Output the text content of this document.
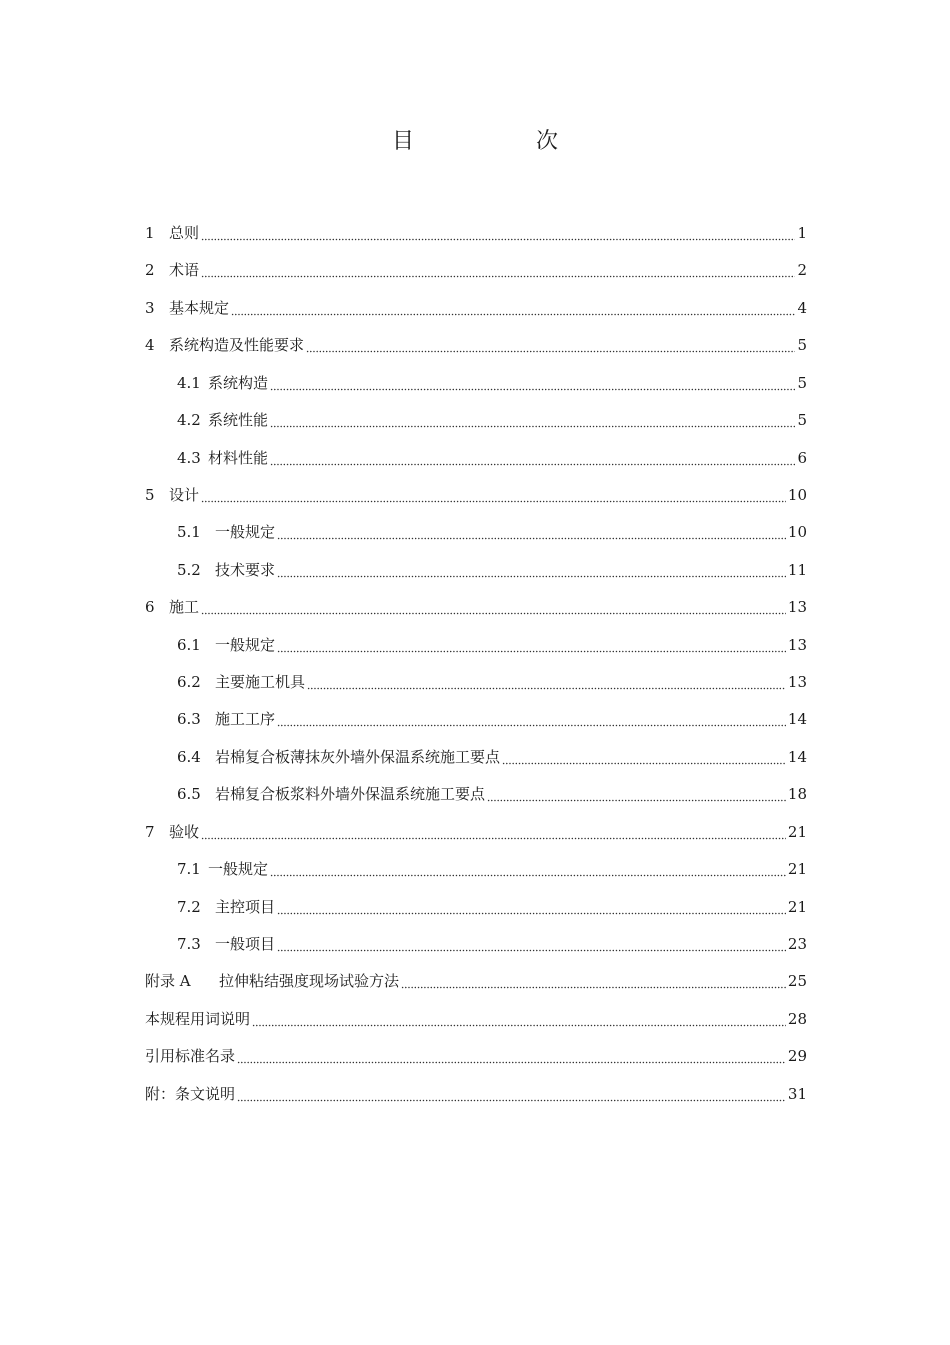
目　次
1 总则	1
2 术语	2
3 基本规定	4
4 系统构造及性能要求	5
4.1 系统构造	5
4.2 系统性能	5
4.3 材料性能	6
5 设计	10
5.1 一般规定	10
5.2 技术要求	11
6 施工	13
6.1 一般规定	13
6.2 主要施工机具	13
6.3 施工工序	14
6.4 岩棉复合板薄抹灰外墙外保温系统施工要点	14
6.5 岩棉复合板浆料外墙外保温系统施工要点	18
7 验收	21
7.1 一般规定	21
7.2 主控项目	21
7.3 一般项目	23
附录 A	拉伸粘结强度现场试验方法	25
本规程用词说明	28
引用标准名录	29
附：条文说明	31
